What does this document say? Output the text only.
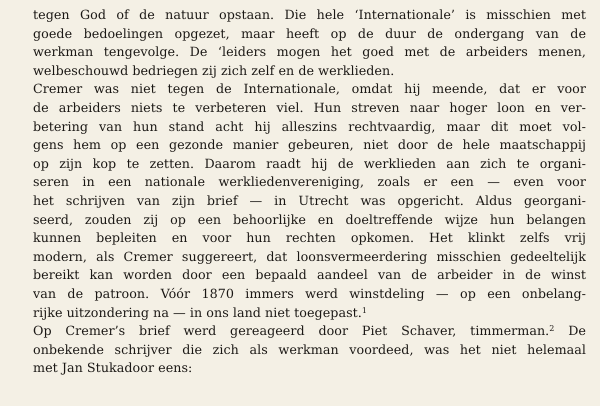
tegen God of de natuur opstaan. Die hele ‘Internationale’ is misschien met
goede bedoelingen opgezet, maar heeft op de duur de ondergang van de
werkman tengevolge. De ‘leiders mogen het goed met de arbeiders menen,
welbeschouwd bedriegen zij zich zelf en de werklieden.
Cremer was niet tegen de Internationale, omdat hij meende, dat er voor
de arbeiders niets te verbeteren viel. Hun streven naar hoger loon en ver-
betering van hun stand acht hij alleszins rechtvaardig, maar dit moet vol-
gens hem op een gezonde manier gebeuren, niet door de hele maatschappij
op zijn kop te zetten. Daarom raadt hij de werklieden aan zich te organi-
seren in een nationale werkliedenvereniging, zoals er een — even voor
het schrijven van zijn brief — in Utrecht was opgericht. Aldus georgani-
seerd, zouden zij op een behoorlijke en doeltreffende wijze hun belangen
kunnen bepleiten en voor hun rechten opkomen. Het klinkt zelfs vrij
modern, als Cremer suggereert, dat loonsvermeerdering misschien gedeeltelijk
bereikt kan worden door een bepaald aandeel van de arbeider in de winst
van de patroon. Vóór 1870 immers werd winstdeling — op een onbelang-
rijke uitzondering na — in ons land niet toegepast.$^1$
Op Cremer’s brief werd gereageerd door Piet Schaver, timmerman.$^2$ De
onbekende schrijver die zich als werkman voordeed, was het niet helemaal
met Jan Stukadoor eens:
